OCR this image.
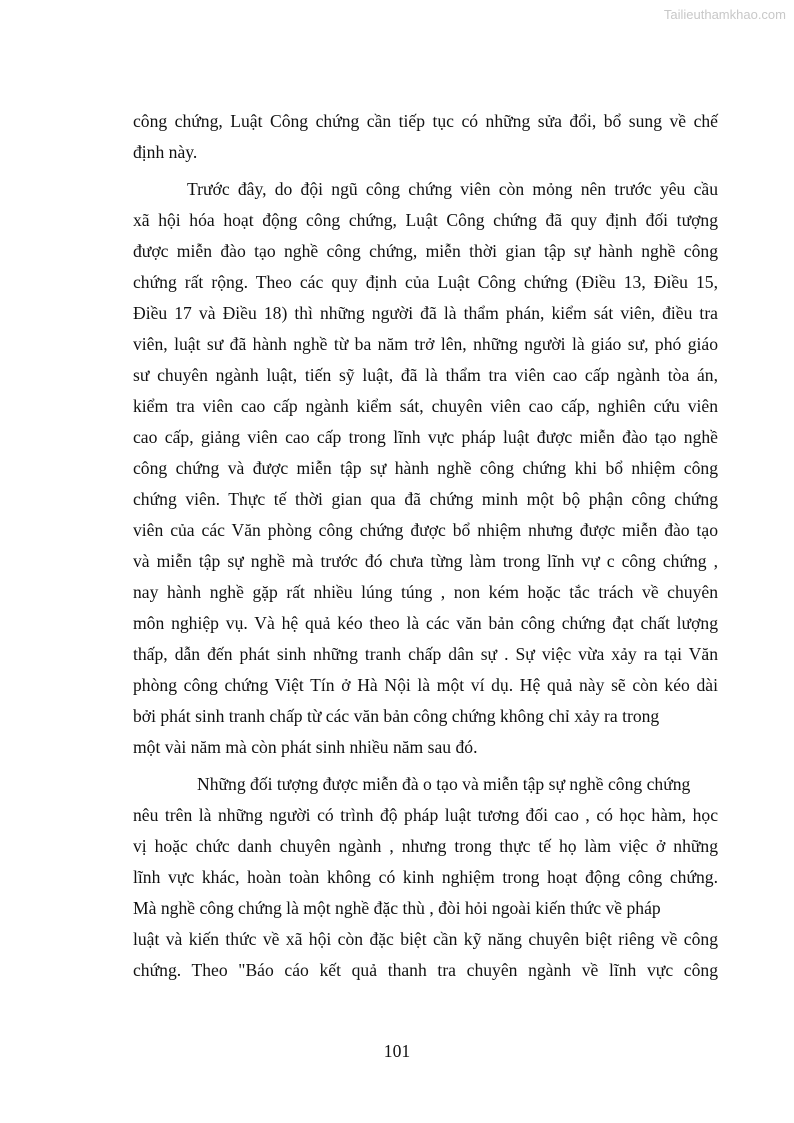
Tailieuthamkhao.com
công chứng, Luật Công chứng cần tiếp tục có những sửa đổi, bổ sung về chế
định này.
Trước đây, do đội ngũ công chứng viên còn mỏng nên trước yêu cầu
xã hội hóa hoạt động công chứng, Luật Công chứng đã quy định đối tượng
được miễn đào tạo nghề công chứng, miễn thời gian tập sự hành nghề công
chứng rất rộng. Theo các quy định của Luật Công chứng (Điều 13, Điều 15,
Điều 17 và Điều 18) thì những người đã là thẩm phán, kiểm sát viên, điều tra
viên, luật sư đã hành nghề từ ba năm trở lên, những người là giáo sư, phó giáo
sư chuyên ngành luật, tiến sỹ luật, đã là thẩm tra viên cao cấp ngành tòa án,
kiểm tra viên cao cấp ngành kiểm sát, chuyên viên cao cấp, nghiên cứu viên
cao cấp, giảng viên cao cấp trong lĩnh vực pháp luật được miễn đào tạo nghề
công chứng và được miễn tập sự hành nghề công chứng khi bổ nhiệm công
chứng viên. Thực tế thời gian qua đã chứng minh một bộ phận công chứng
viên của các Văn phòng công chứng được bổ nhiệm nhưng được miễn đào tạo
và miễn tập sự nghề mà trước đó chưa từng làm trong lĩnh vự c công chứng ,
nay hành nghề gặp rất nhiều lúng túng , non kém hoặc tắc trách về chuyên
môn nghiệp vụ. Và hệ quả kéo theo là các văn bản công chứng đạt chất lượng
thấp, dẫn đến phát sinh những tranh chấp dân sự . Sự việc vừa xảy ra tại Văn
phòng công chứng Việt Tín ở Hà Nội là một ví dụ. Hệ quả này sẽ còn kéo dài
bởi phát sinh tranh chấp từ các văn bản công chứng không chỉ xảy ra trong
một vài năm mà còn phát sinh nhiều năm sau đó.
Những đối tượng được miễn đà o tạo và miễn tập sự nghề công chứng
nêu trên là những người có trình độ pháp luật tương đối cao , có học hàm, học
vị hoặc chức danh chuyên ngành , nhưng trong thực tế họ làm việc ở những
lĩnh vực khác, hoàn toàn không có kinh nghiệm trong hoạt động công chứng.
Mà nghề công chứng là một nghề đặc thù , đòi hỏi ngoài kiến thức về pháp
luật và kiến thức về xã hội còn đặc biệt cần kỹ năng chuyên biệt riêng về công
chứng. Theo "Báo cáo kết quả thanh tra chuyên ngành về lĩnh vực công
101
